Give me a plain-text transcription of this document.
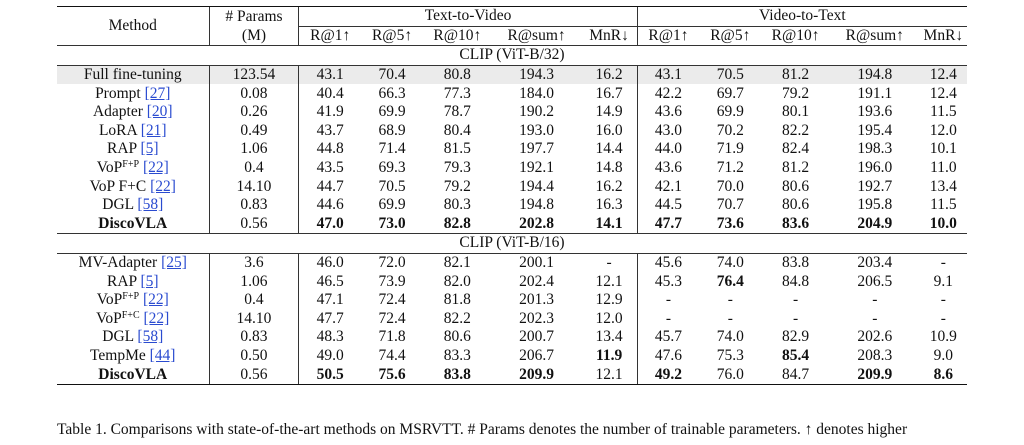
Method	# Params	Text-to-Video					Video-to-Text				
	(M)	R@1↑	R@5↑	R@10↑	R@sum↑	MnR↓	R@1↑	R@5↑	R@10↑	R@sum↑	MnR↓
CLIP (ViT-B/32)											
Full fine-tuning	123.54	43.1	70.4	80.8	194.3	16.2	43.1	70.5	81.2	194.8	12.4
Prompt [27]	0.08	40.4	66.3	77.3	184.0	16.7	42.2	69.7	79.2	191.1	12.4
Adapter [20]	0.26	41.9	69.9	78.7	190.2	14.9	43.6	69.9	80.1	193.6	11.5
LoRA [21]	0.49	43.7	68.9	80.4	193.0	16.0	43.0	70.2	82.2	195.4	12.0
RAP [5]	1.06	44.8	71.4	81.5	197.7	14.4	44.0	71.9	82.4	198.3	10.1
VoP$^{F+P}$ [22]	0.4	43.5	69.3	79.3	192.1	14.8	43.6	71.2	81.2	196.0	11.0
VoP F+C [22]	14.10	44.7	70.5	79.2	194.4	16.2	42.1	70.0	80.6	192.7	13.4
DGL [58]	0.83	44.6	69.9	80.3	194.8	16.3	44.5	70.7	80.6	195.8	11.5
DiscoVLA	0.56	47.0	73.0	82.8	202.8	14.1	47.7	73.6	83.6	204.9	10.0
CLIP (ViT-B/16)											
MV-Adapter [25]	3.6	46.0	72.0	82.1	200.1	-	45.6	74.0	83.8	203.4	-
RAP [5]	1.06	46.5	73.9	82.0	202.4	12.1	45.3	76.4	84.8	206.5	9.1
VoP$^{F+P}$ [22]	0.4	47.1	72.4	81.8	201.3	12.9	-	-	-	-	-
VoP$^{F+C}$ [22]	14.10	47.7	72.4	82.2	202.3	12.0	-	-	-	-	-
DGL [58]	0.83	48.3	71.8	80.6	200.7	13.4	45.7	74.0	82.9	202.6	10.9
TempMe [44]	0.50	49.0	74.4	83.3	206.7	11.9	47.6	75.3	85.4	208.3	9.0
DiscoVLA	0.56	50.5	75.6	83.8	209.9	12.1	49.2	76.0	84.7	209.9	8.6
Table 1. Comparisons with state-of-the-art methods on MSRVTT. # Params denotes the number of trainable parameters. ↑ denotes higher
